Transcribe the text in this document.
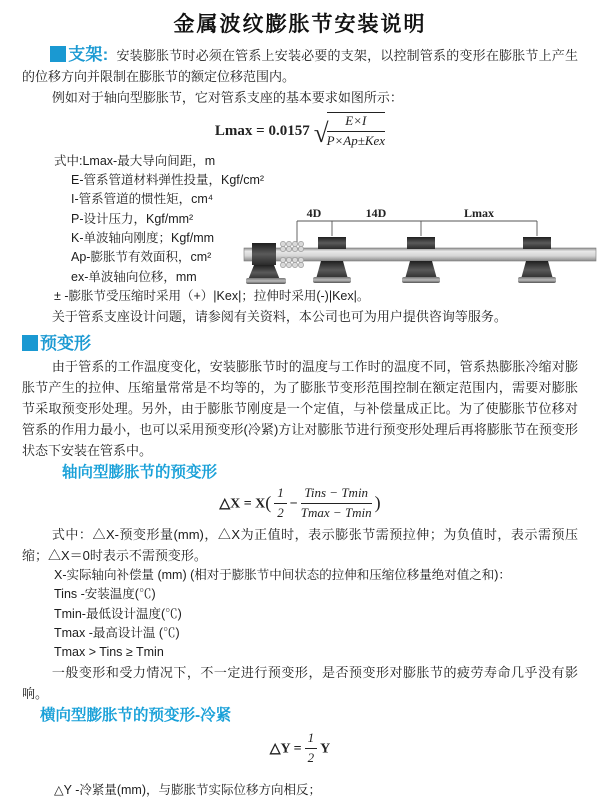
金属波纹膨胀节安装说明

支架: 安装膨胀节时必须在管系上安装必要的支架，以控制管系的变形在膨胀节上产生的位移方向并限制在膨胀节的额定位移范围内。

例如对于轴向型膨胀节，它对管系支座的基本要求如图所示：

Lmax = 0.0157 √
$\frac{E\times I}{\text{P×Ap±Kex}}$
式中:Lmax-最大导向间距，m
E-管系管道材料弹性投量，Kgf/cm²
I-管系管道的惯性矩，cm⁴
P-设计压力，Kgf/mm²
K-单波轴向刚度；Kgf/mm
Ap-膨胀节有效面积，cm²
ex-单波轴向位移，mm
± -膨胀节受压缩时采用（+）|Kex|；拉伸时采用(-)|Kex|。

关于管系支座设计问题，请参阅有关资料，本公司也可为用户提供咨询等服务。

4D	14D	Lmax

预变形

由于管系的工作温度变化，安装膨胀节时的温度与工作时的温度不同，管系热膨胀冷缩对膨胀节产生的拉伸、压缩量常常是不均等的，为了膨胀节变形范围控制在额定范围内，需要对膨胀节采取预变形处理。另外，由于膨胀节刚度是一个定值，与补偿量成正比。为了使膨胀节位移对管系的作用力最小，也可以采用预变形(冷紧)方让对膨胀节进行预变形处理后再将膨胀节在预变形状态下安装在管系中。

轴向型膨胀节的预变形
△X = $X( \frac{1}{2} - \frac{\text{Tins − Tmin}}{Tmax - Tmin}$ )

式中：△X-预变形量(mm)，△X为正值时，表示膨张节需预拉伸；为负值时，表示需预压缩；△X＝0时表示不需预变形。

X-实际轴向补偿量 (mm) (相对于膨胀节中间状态的拉伸和压缩位移量绝对值之和)：
Tins -安装温度(℃)
Tmin-最低设计温度(℃)
Tmax -最高设计温 (℃)
Tmax > Tins ≥ Tmin

一般变形和受力情况下，不一定进行预变形，是否预变形对膨胀节的疲劳寿命几乎没有影响。

横向型膨胀节的预变形-冷紧
△Y = $\frac{1}{2}$ Y

△Y -冷紧量(mm)，与膨胀节实际位移方向相反；
